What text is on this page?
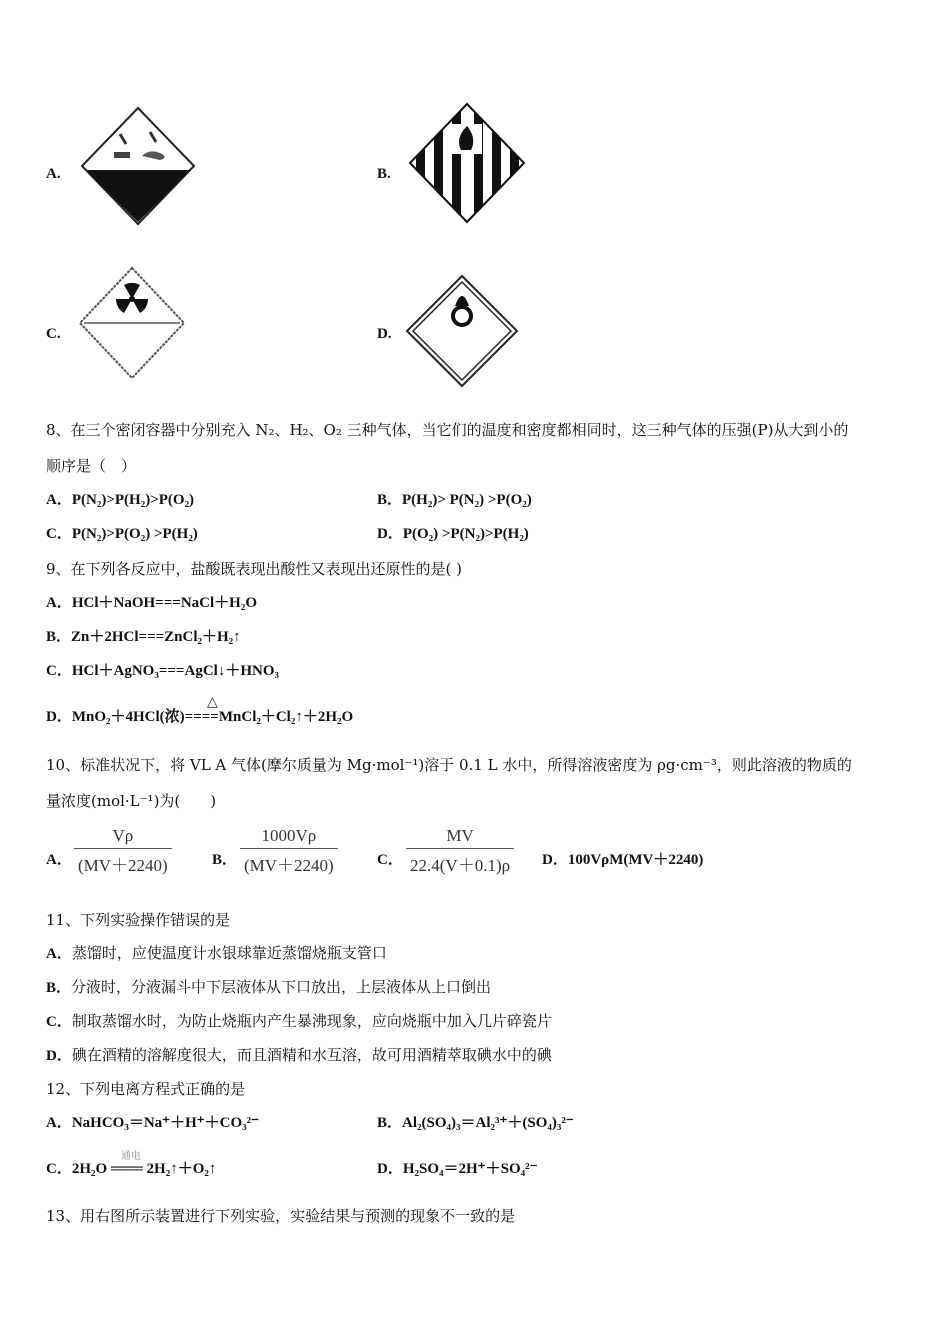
A.	B.
C.	D.
8、在三个密闭容器中分别充入 N₂、H₂、O₂ 三种气体，当它们的温度和密度都相同时，这三种气体的压强(P)从大到小的
顺序是（　）
A．P(N₂)>P(H₂)>P(O₂)	B．P(H₂)> P(N₂) >P(O₂)
C．P(N₂)>P(O₂) >P(H₂)	D．P(O₂) >P(N₂)>P(H₂)
9、在下列各反应中，盐酸既表现出酸性又表现出还原性的是( )
A．HCl＋NaOH===NaCl＋H₂O
B．Zn＋2HCl===ZnCl₂＋H₂↑
C．HCl＋AgNO₃===AgCl↓＋HNO₃
△
D．MnO₂＋4HCl(浓)====MnCl₂＋Cl₂↑＋2H₂O
10、标准状况下，将 VL A 气体(摩尔质量为 Mg·mol⁻¹)溶于 0.1 L 水中，所得溶液密度为 ρg·cm⁻³，则此溶液的物质的
量浓度(mol·L⁻¹)为(　　)
A． $\frac{V\rho}{(MV+2240)}$	B． $\frac{1000V\rho}{(MV+2240)}$	C． $\frac{MV}{22.4(V+0.1)\rho}$ D．100VρM(MV＋2240)
11、下列实验操作错误的是
A．蒸馏时，应使温度计水银球靠近蒸馏烧瓶支管口
B．分液时，分液漏斗中下层液体从下口放出，上层液体从上口倒出
C．制取蒸馏水时，为防止烧瓶内产生暴沸现象，应向烧瓶中加入几片碎瓷片
D．碘在酒精的溶解度很大，而且酒精和水互溶，故可用酒精萃取碘水中的碘
12、下列电离方程式正确的是
A．NaHCO₃＝Na⁺＋H⁺＋CO₃²⁻	B．Al₂(SO₄)₃＝Al₂³⁺＋(SO₄)₃²⁻
通电
C．2H₂O ═══ 2H₂↑＋O₂↑	D．H₂SO₄＝2H⁺＋SO₄²⁻
13、用右图所示装置进行下列实验，实验结果与预测的现象不一致的是
